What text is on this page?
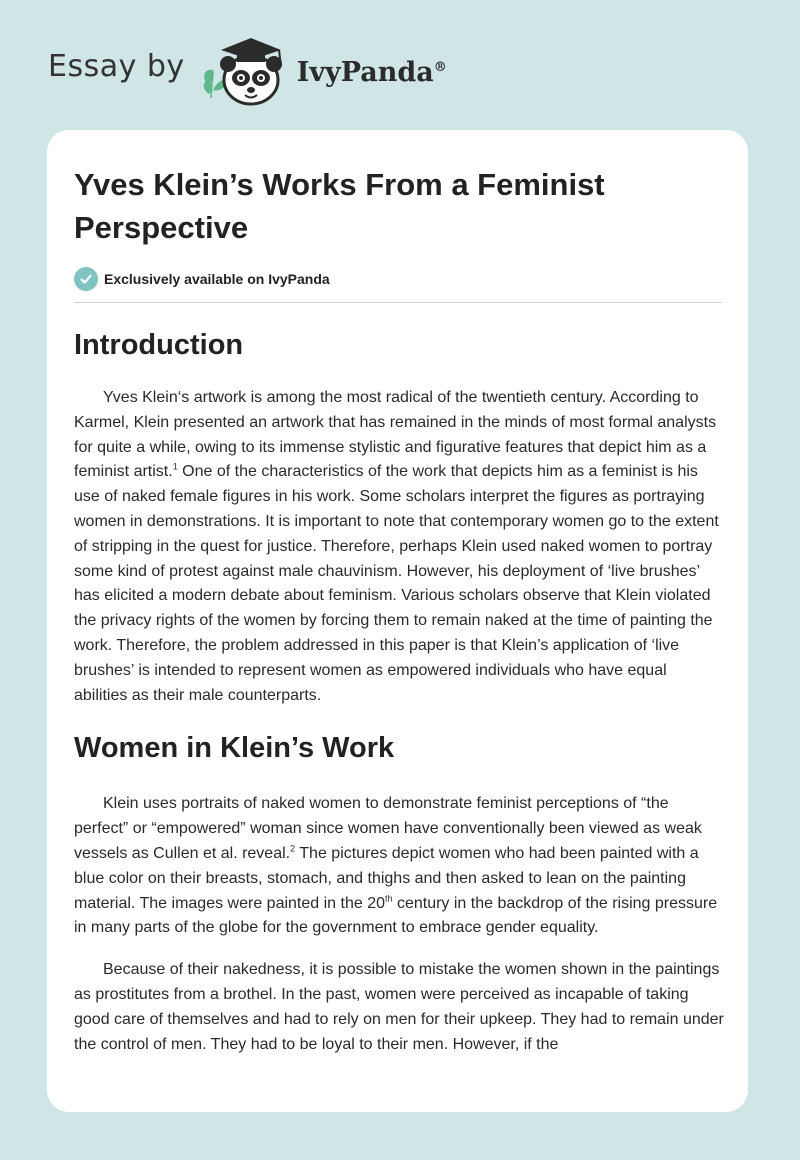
Essay by	IvyPanda®
Yves Klein’s Works From a Feminist Perspective
Exclusively available on IvyPanda
Introduction

Yves Klein‘s artwork is among the most radical of the twentieth century. According to Karmel, Klein presented an artwork that has remained in the minds of most formal analysts for quite a while, owing to its immense stylistic and figurative features that depict him as a feminist artist.$^1$ One of the characteristics of the work that depicts him as a feminist is his use of naked female figures in his work. Some scholars interpret the figures as portraying women in demonstrations. It is important to note that contemporary women go to the extent of stripping in the quest for justice. Therefore, perhaps Klein used naked women to portray some kind of protest against male chauvinism. However, his deployment of ‘live brushes’ has elicited a modern debate about feminism. Various scholars observe that Klein violated the privacy rights of the women by forcing them to remain naked at the time of painting the work. Therefore, the problem addressed in this paper is that Klein’s application of ‘live brushes’ is intended to represent women as empowered individuals who have equal abilities as their male counterparts.

Women in Klein’s Work

Klein uses portraits of naked women to demonstrate feminist perceptions of “the perfect” or “empowered” woman since women have conventionally been viewed as weak vessels as Cullen et al. reveal.$^2$ The pictures depict women who had been painted with a blue color on their breasts, stomach, and thighs and then asked to lean on the painting material. The images were painted in the 20th century in the backdrop of the rising pressure in many parts of the globe for the government to embrace gender equality.

Because of their nakedness, it is possible to mistake the women shown in the paintings as prostitutes from a brothel. In the past, women were perceived as incapable of taking good care of themselves and had to rely on men for their upkeep. They had to remain under the control of men. They had to be loyal to their men. However, if the
